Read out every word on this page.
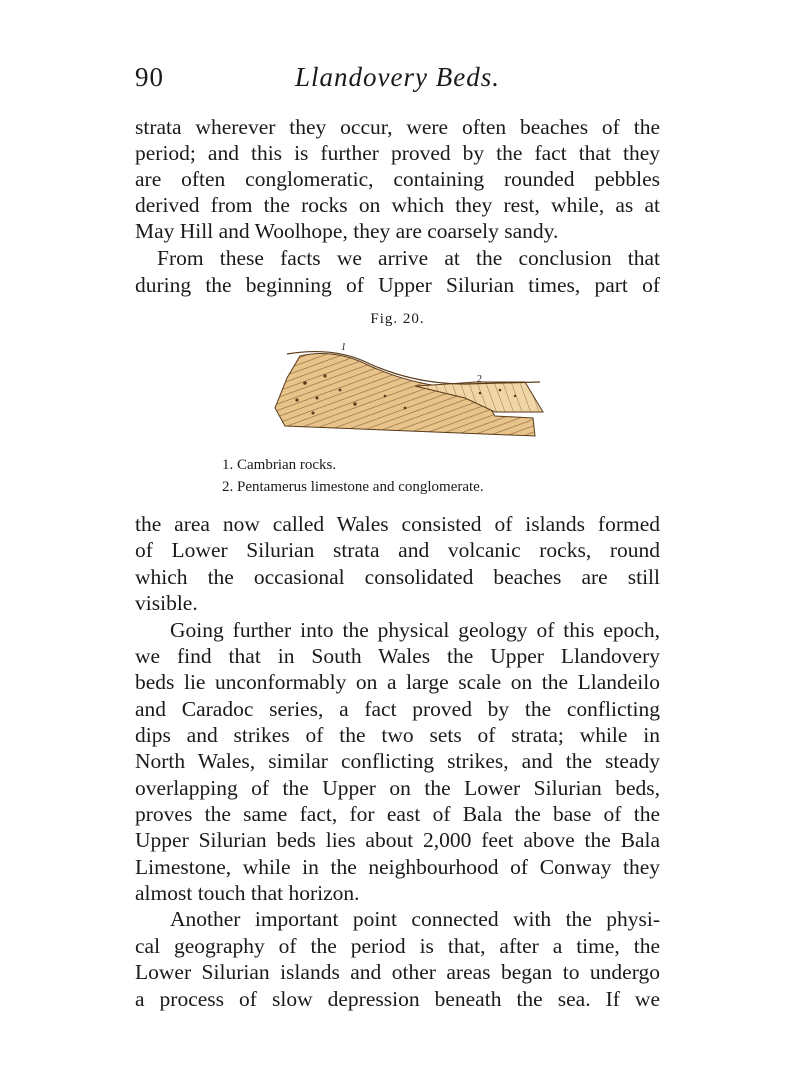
90	Llandovery Beds.
strata wherever they occur, were often beaches of the
period; and this is further proved by the fact that they
are often conglomeratic, containing rounded pebbles
derived from the rocks on which they rest, while, as at
May Hill and Woolhope, they are coarsely sandy.
From these facts we arrive at the conclusion that
during the beginning of Upper Silurian times, part of
Fig. 20.
1
2
1. Cambrian rocks.
2. Pentamerus limestone and conglomerate.
the area now called Wales consisted of islands formed
of Lower Silurian strata and volcanic rocks, round
which the occasional consolidated beaches are still
visible.
Going further into the physical geology of this epoch,
we find that in South Wales the Upper Llandovery
beds lie unconformably on a large scale on the Llandeilo
and Caradoc series, a fact proved by the conflicting
dips and strikes of the two sets of strata; while in
North Wales, similar conflicting strikes, and the steady
overlapping of the Upper on the Lower Silurian beds,
proves the same fact, for east of Bala the base of the
Upper Silurian beds lies about 2,000 feet above the Bala
Limestone, while in the neighbourhood of Conway they
almost touch that horizon.
Another important point connected with the physi-
cal geography of the period is that, after a time, the
Lower Silurian islands and other areas began to undergo
a process of slow depression beneath the sea. If we
